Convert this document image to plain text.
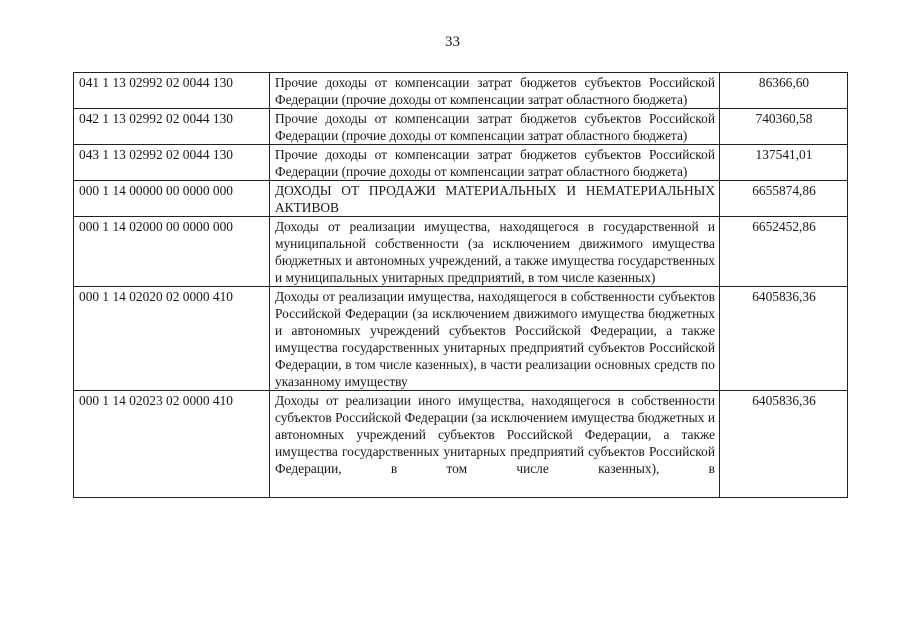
33
041 1 13 02992 02 0044 130	Прочие доходы от компенсации затрат бюджетов субъектов Российской Федерации (прочие доходы от компенсации затрат областного бюджета)	86366,60
042 1 13 02992 02 0044 130	Прочие доходы от компенсации затрат бюджетов субъектов Российской Федерации (прочие доходы от компенсации затрат областного бюджета)	740360,58
043 1 13 02992 02 0044 130	Прочие доходы от компенсации затрат бюджетов субъектов Российской Федерации (прочие доходы от компенсации затрат областного бюджета)	137541,01
000 1 14 00000 00 0000 000	ДОХОДЫ ОТ ПРОДАЖИ МАТЕРИАЛЬНЫХ И НЕМАТЕРИАЛЬНЫХ АКТИВОВ	6655874,86
000 1 14 02000 00 0000 000	Доходы от реализации имущества, находящегося в государственной и муниципальной собственности (за исключением движимого имущества бюджетных и автономных учреждений, а также имущества государственных и муниципальных унитарных предприятий, в том числе казенных)	6652452,86
000 1 14 02020 02 0000 410	Доходы от реализации имущества, находящегося в собственности субъектов Российской Федерации (за исключением движимого имущества бюджетных и автономных учреждений субъектов Российской Федерации, а также имущества государственных унитарных предприятий субъектов Российской Федерации, в том числе казенных), в части реализации основных средств по указанному имуществу	6405836,36
000 1 14 02023 02 0000 410	Доходы от реализации иного имущества, находящегося в собственности субъектов Российской Федерации (за исключением имущества бюджетных и автономных учреждений субъектов Российской Федерации, а также имущества государственных унитарных предприятий субъектов Российской Федерации, в том числе казенных), в	6405836,36
